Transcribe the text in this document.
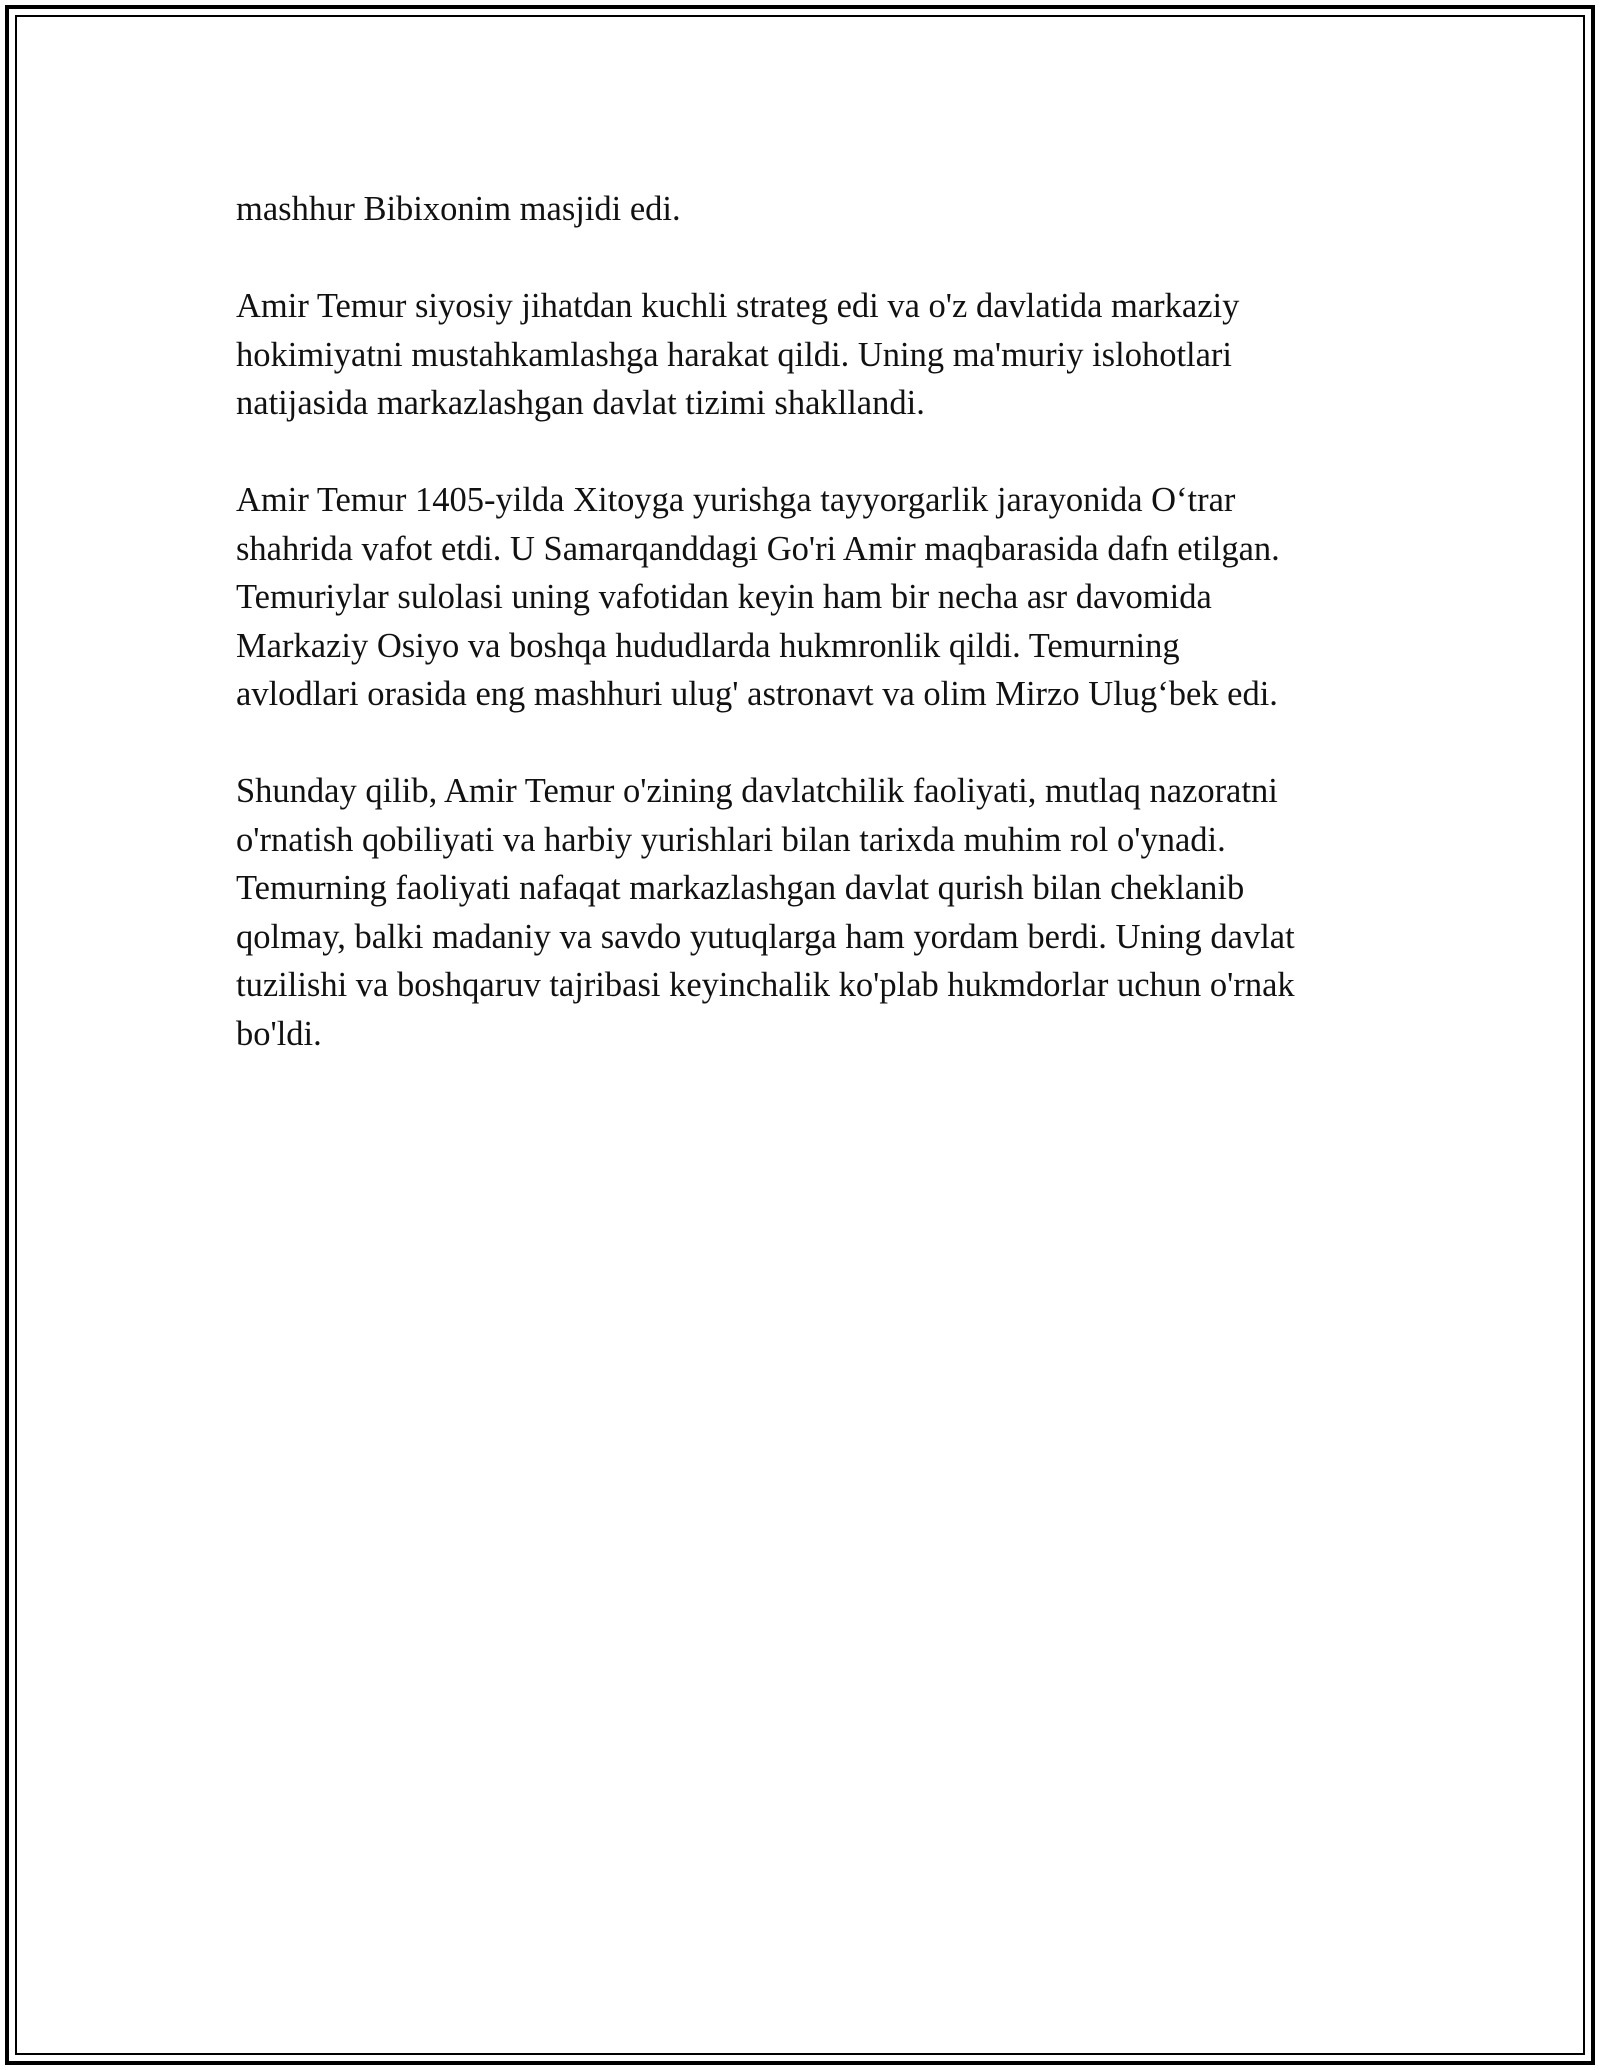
mashhur Bibixonim masjidi edi.

Amir Temur siyosiy jihatdan kuchli strateg edi va o'z davlatida markaziy
hokimiyatni mustahkamlashga harakat qildi. Uning ma'muriy islohotlari
natijasida markazlashgan davlat tizimi shakllandi.

Amir Temur 1405-yilda Xitoyga yurishga tayyorgarlik jarayonida O‘trar
shahrida vafot etdi. U Samarqanddagi Go'ri Amir maqbarasida dafn etilgan.
Temuriylar sulolasi uning vafotidan keyin ham bir necha asr davomida
Markaziy Osiyo va boshqa hududlarda hukmronlik qildi. Temurning
avlodlari orasida eng mashhuri ulug' astronavt va olim Mirzo Ulug‘bek edi.

Shunday qilib, Amir Temur o'zining davlatchilik faoliyati, mutlaq nazoratni
o'rnatish qobiliyati va harbiy yurishlari bilan tarixda muhim rol o'ynadi.
Temurning faoliyati nafaqat markazlashgan davlat qurish bilan cheklanib
qolmay, balki madaniy va savdo yutuqlarga ham yordam berdi. Uning davlat
tuzilishi va boshqaruv tajribasi keyinchalik ko'plab hukmdorlar uchun o'rnak
bo'ldi.
